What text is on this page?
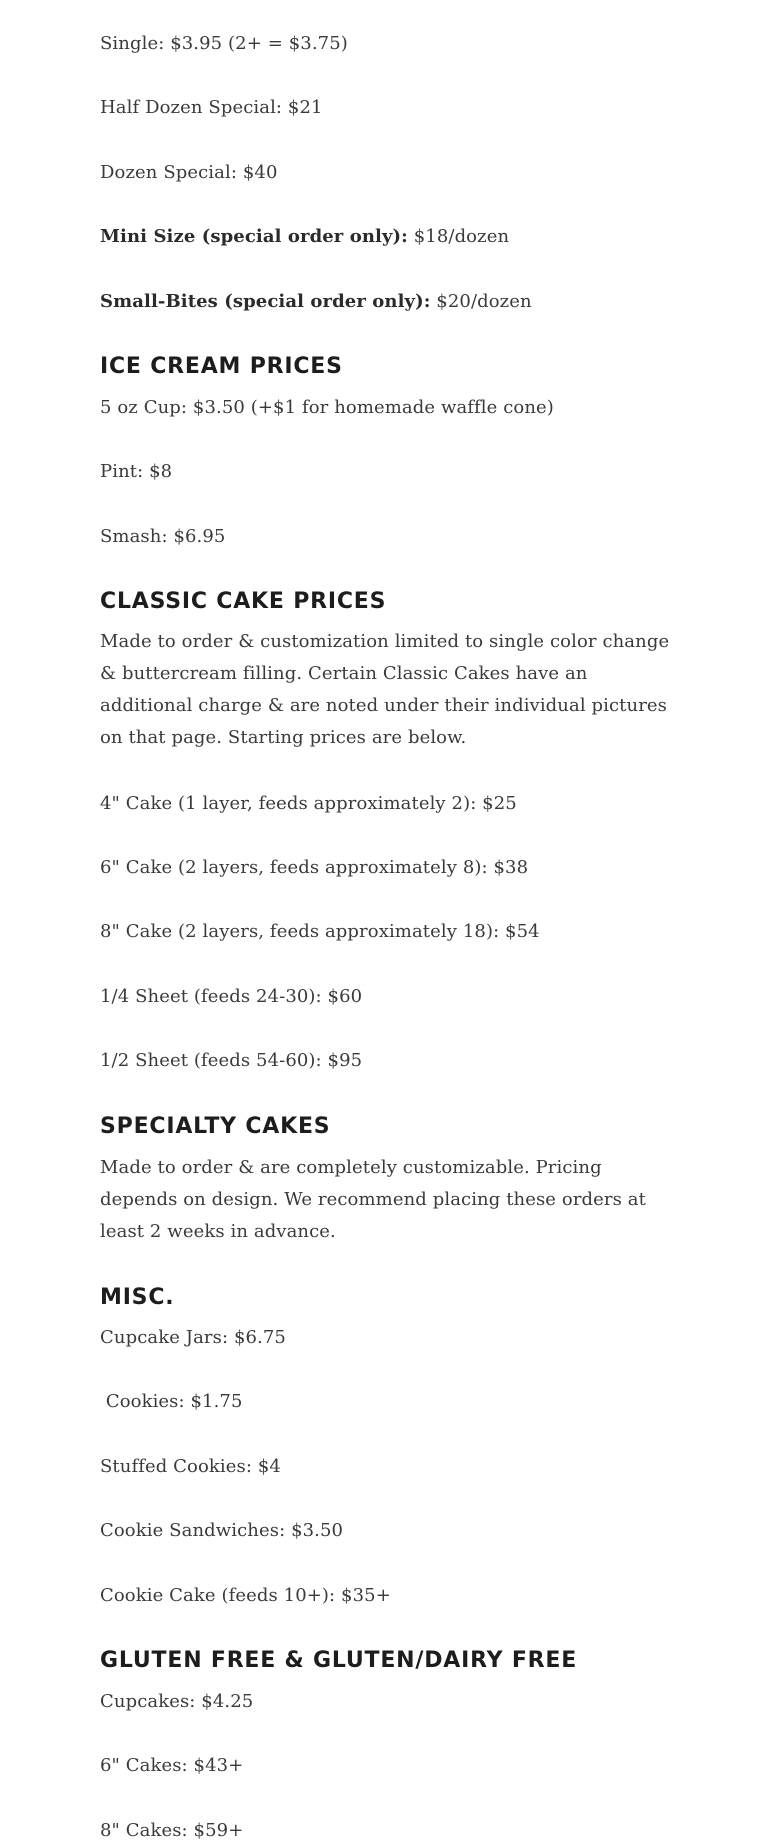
Single: $3.95 (2+ = $3.75)

Half Dozen Special: $21

Dozen Special: $40

Mini Size (special order only): $18/dozen

Small-Bites (special order only): $20/dozen

ICE CREAM PRICES

5 oz Cup: $3.50 (+$1 for homemade waffle cone)

Pint: $8

Smash: $6.95

CLASSIC CAKE PRICES

Made to order & customization limited to single color change & buttercream filling. Certain Classic Cakes have an additional charge & are noted under their individual pictures on that page. Starting prices are below.

4" Cake (1 layer, feeds approximately 2): $25

6" Cake (2 layers, feeds approximately 8): $38

8" Cake (2 layers, feeds approximately 18): $54

1/4 Sheet (feeds 24-30): $60

1/2 Sheet (feeds 54-60): $95

SPECIALTY CAKES

Made to order & are completely customizable. Pricing depends on design. We recommend placing these orders at least 2 weeks in advance.

MISC.

Cupcake Jars: $6.75

Cookies: $1.75

Stuffed Cookies: $4

Cookie Sandwiches: $3.50

Cookie Cake (feeds 10+): $35+

GLUTEN FREE & GLUTEN/DAIRY FREE

Cupcakes: $4.25

6" Cakes: $43+

8" Cakes: $59+
